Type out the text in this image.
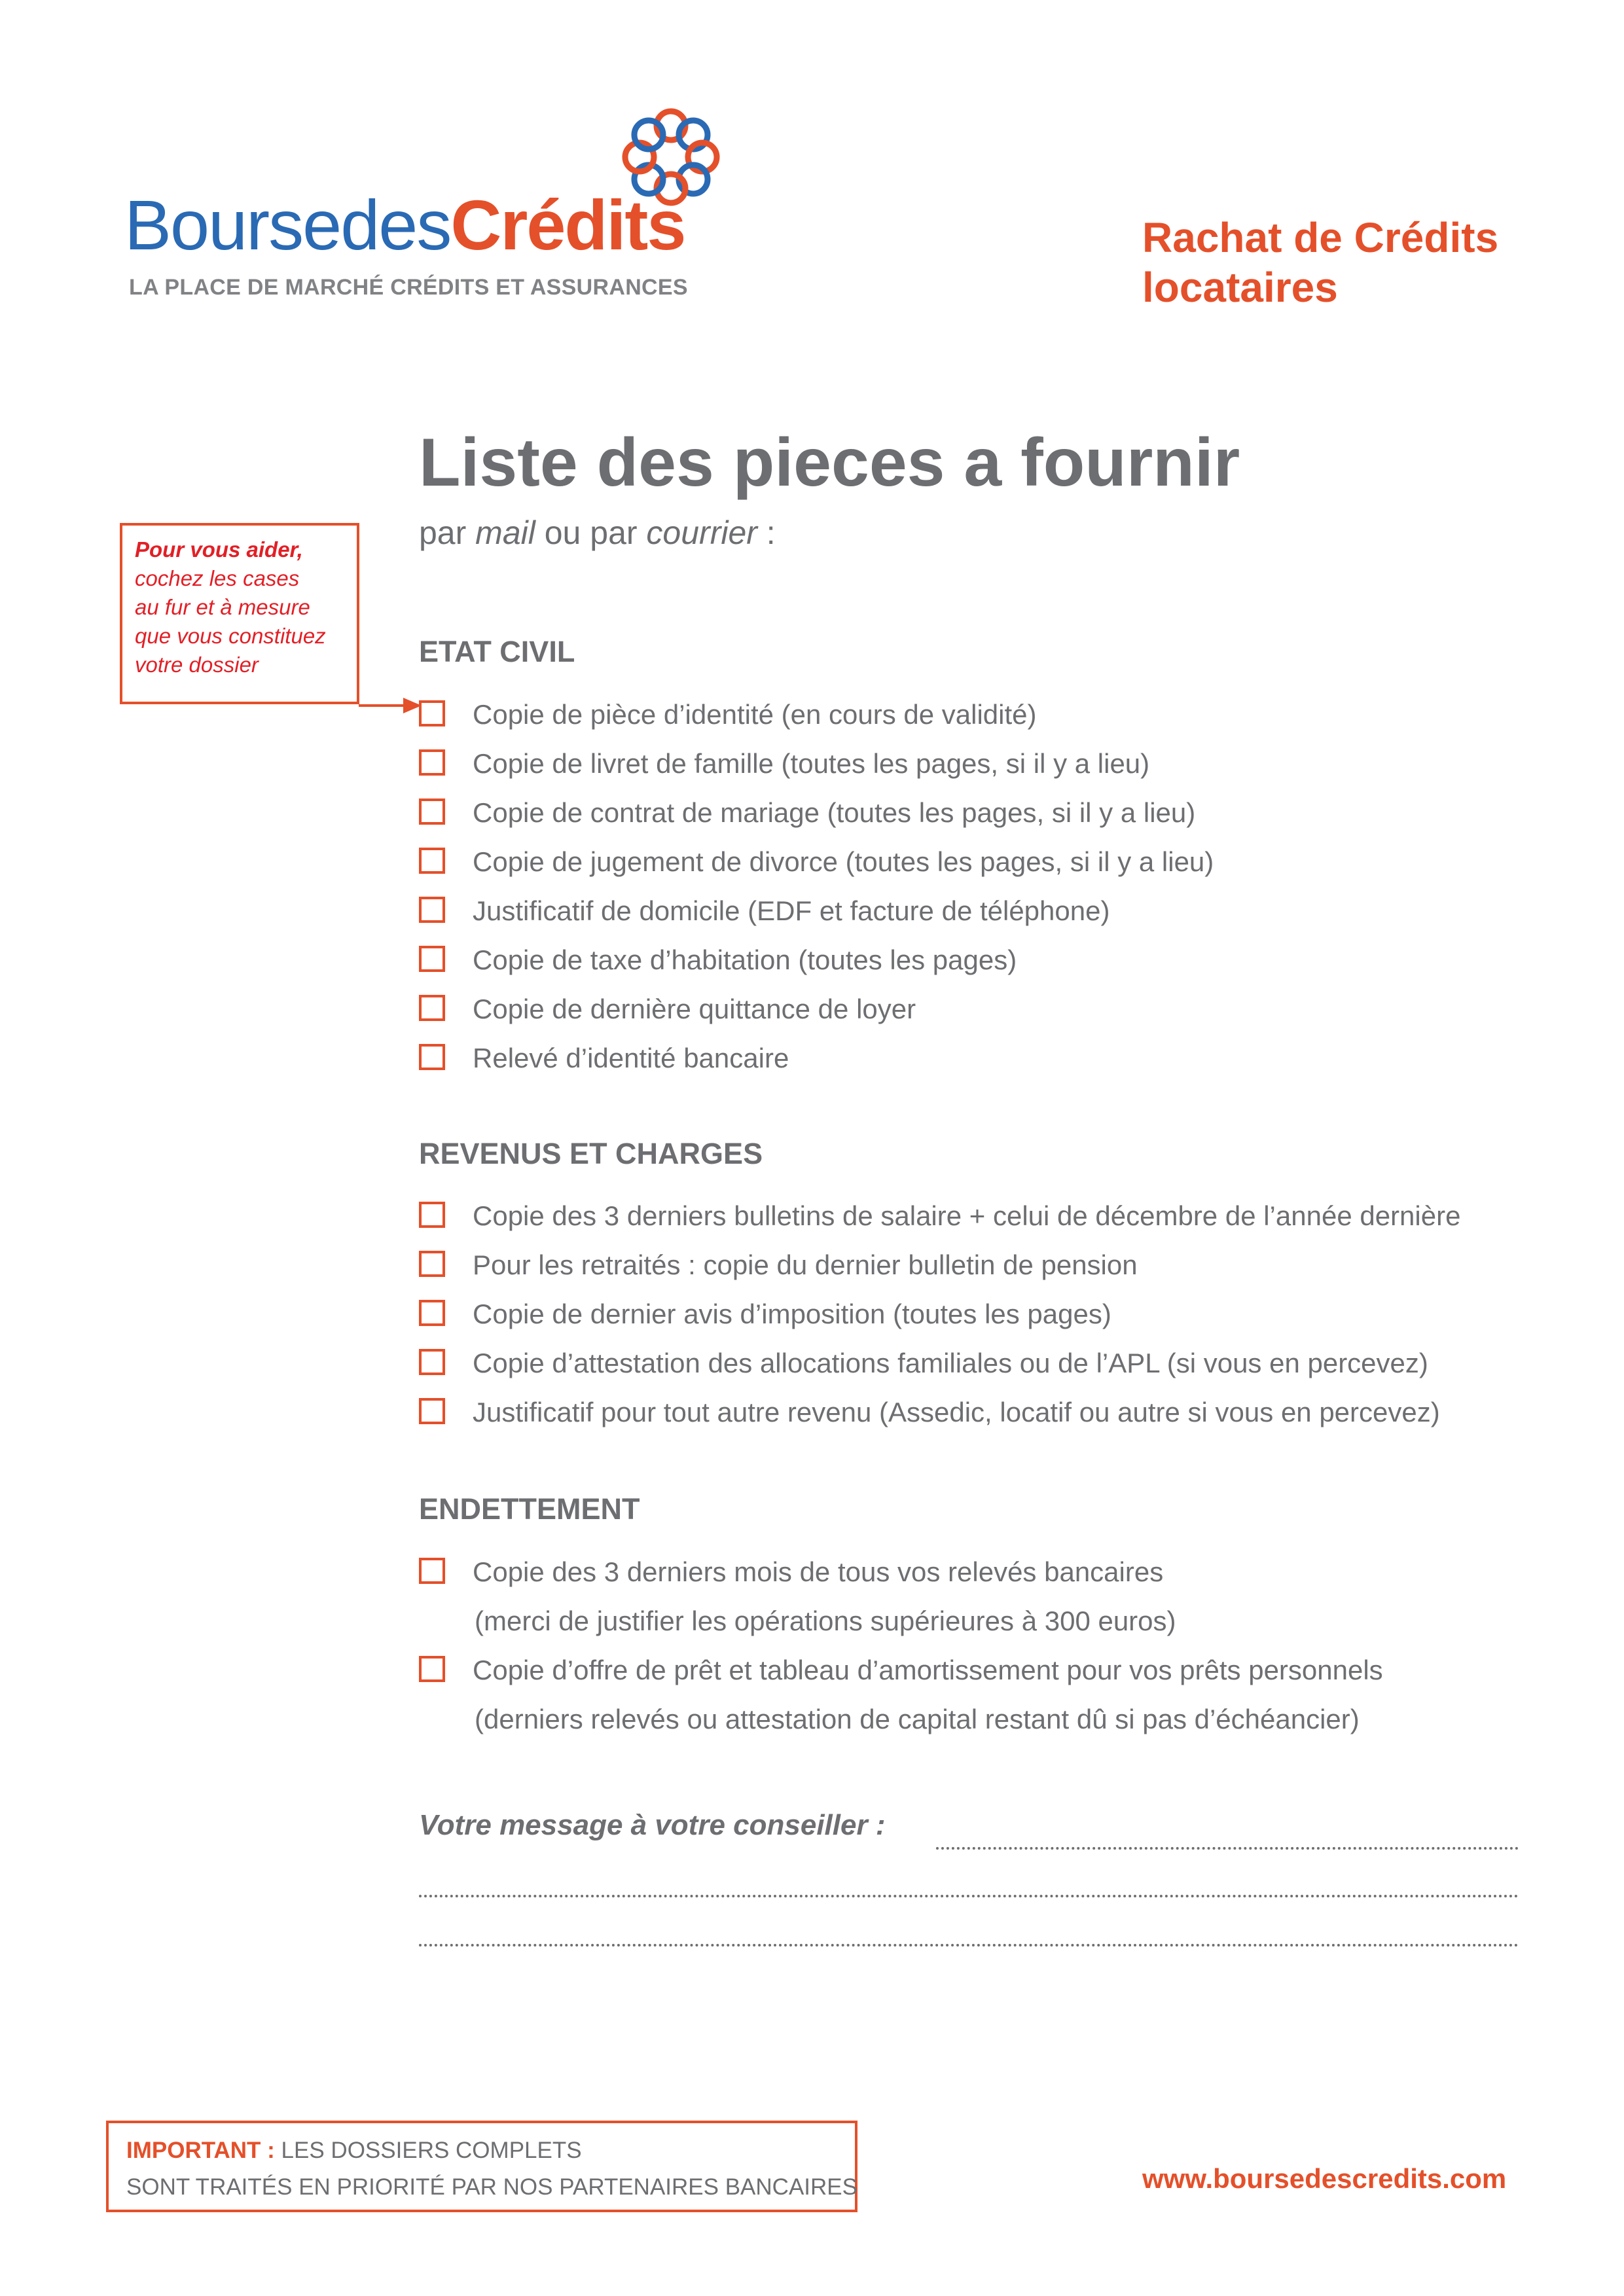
BoursedesCrédits
LA PLACE DE MARCHÉ CRÉDITS ET ASSURANCES
Rachat de Crédits
locataires
Liste des pieces a fournir
par mail ou par courrier :
Pour vous aider,
cochez les cases
au fur et à mesure
que vous constituez
votre dossier	ETAT CIVIL
Copie de pièce d’identité (en cours de validité)
Copie de livret de famille (toutes les pages, si il y a lieu)
Copie de contrat de mariage (toutes les pages, si il y a lieu)
Copie de jugement de divorce (toutes les pages, si il y a lieu)
Justificatif de domicile (EDF et facture de téléphone)
Copie de taxe d’habitation (toutes les pages)
Copie de dernière quittance de loyer
Relevé d’identité bancaire
REVENUS ET CHARGES
Copie des 3 derniers bulletins de salaire + celui de décembre de l’année dernière
Pour les retraités : copie du dernier bulletin de pension
Copie de dernier avis d’imposition (toutes les pages)
Copie d’attestation des allocations familiales ou de l’APL (si vous en percevez)
Justificatif pour tout autre revenu (Assedic, locatif ou autre si vous en percevez)
ENDETTEMENT
Copie des 3 derniers mois de tous vos relevés bancaires
(merci de justifier les opérations supérieures à 300 euros)
Copie d’offre de prêt et tableau d’amortissement pour vos prêts personnels
(derniers relevés ou attestation de capital restant dû si pas d’échéancier)
Votre message à votre conseiller :
IMPORTANT : LES DOSSIERS COMPLETS
SONT TRAITÉS EN PRIORITÉ PAR NOS PARTENAIRES BANCAIRES	www.boursedescredits.com
